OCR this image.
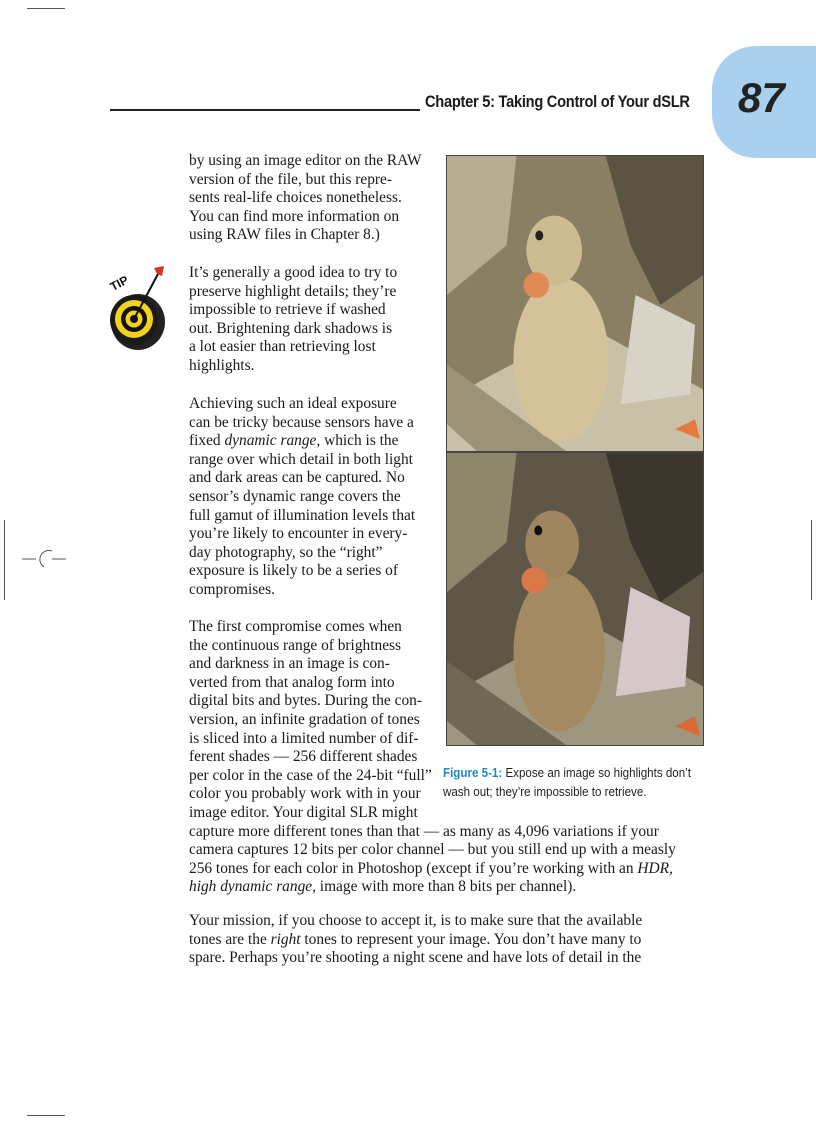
Chapter 5: Taking Control of Your dSLR 87
TIP
by using an image editor on the RAW
version of the file, but this repre-
sents real-life choices nonetheless.
You can find more information on
using RAW files in Chapter 8.)
It’s generally a good idea to try to
preserve highlight details; they’re
impossible to retrieve if washed
out. Brightening dark shadows is
a lot easier than retrieving lost
highlights.
Achieving such an ideal exposure
can be tricky because sensors have a
fixed dynamic range, which is the
range over which detail in both light
and dark areas can be captured. No
sensor’s dynamic range covers the
full gamut of illumination levels that
you’re likely to encounter in every-
day photography, so the “right”
exposure is likely to be a series of
compromises.
The first compromise comes when
the continuous range of brightness
and darkness in an image is con-
verted from that analog form into
digital bits and bytes. During the con-
version, an infinite gradation of tones
is sliced into a limited number of dif-
ferent shades — 256 different shades
per color in the case of the 24-bit “full”
color you probably work with in your
image editor. Your digital SLR might
capture more different tones than that — as many as 4,096 variations if your
camera captures 12 bits per color channel — but you still end up with a measly
256 tones for each color in Photoshop (except if you’re working with an HDR,
high dynamic range, image with more than 8 bits per channel).
Your mission, if you choose to accept it, is to make sure that the available
tones are the right tones to represent your image. You don’t have many to
spare. Perhaps you’re shooting a night scene and have lots of detail in the
Figure 5-1: Expose an image so highlights don’t
wash out; they’re impossible to retrieve.
